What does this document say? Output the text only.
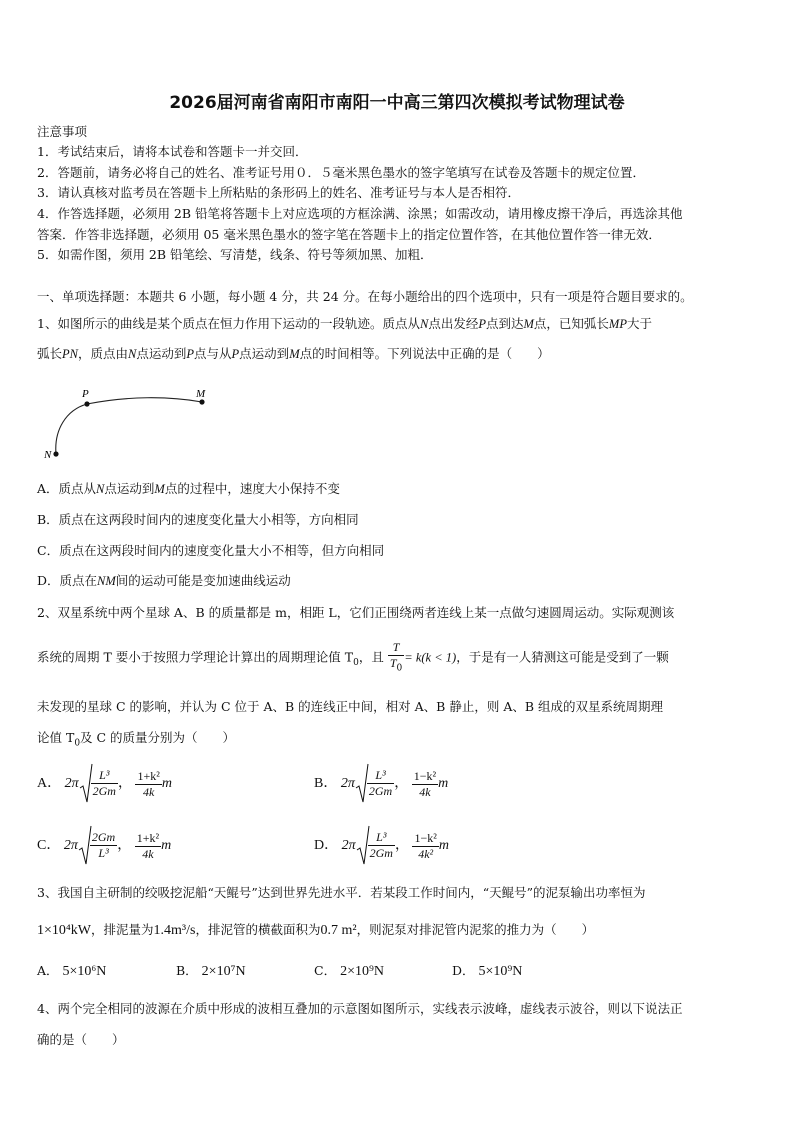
2026届河南省南阳市南阳一中高三第四次模拟考试物理试卷
注意事项
1．考试结束后，请将本试卷和答题卡一并交回．
2．答题前，请务必将自己的姓名、准考证号用０．５毫米黑色墨水的签字笔填写在试卷及答题卡的规定位置．
3．请认真核对监考员在答题卡上所粘贴的条形码上的姓名、准考证号与本人是否相符．
4．作答选择题，必须用 2B 铅笔将答题卡上对应选项的方框涂满、涂黑；如需改动，请用橡皮擦干净后，再选涂其他
答案．作答非选择题，必须用 05 毫米黑色墨水的签字笔在答题卡上的指定位置作答，在其他位置作答一律无效．
5．如需作图，须用 2B 铅笔绘、写清楚，线条、符号等须加黑、加粗．
一、单项选择题：本题共 6 小题，每小题 4 分，共 24 分。在每小题给出的四个选项中，只有一项是符合题目要求的。
1、如图所示的曲线是某个质点在恒力作用下运动的一段轨迹。质点从N点出发经P点到达M点，已知弧长MP大于
弧长PN，质点由N点运动到P点与从P点运动到M点的时间相等。下列说法中正确的是（　　）
P	M
N
A．质点从N点运动到M点的过程中，速度大小保持不变
B．质点在这两段时间内的速度变化量大小相等，方向相同
C．质点在这两段时间内的速度变化量大小不相等，但方向相同
D．质点在NM间的运动可能是变加速曲线运动
2、双星系统中两个星球 A、B 的质量都是 m，相距 L，它们正围绕两者连线上某一点做匀速圆周运动。实际观测该
系统的周期 T 要小于按照力学理论计算出的周期理论值 $T_0$，且 $\frac{T}{T_0} = k(k < 1)$，于是有一人猜测这可能是受到了一颗
未发现的星球 C 的影响，并认为 C 位于 A、B 的连线正中间，相对 A、B 静止，则 A、B 组成的双星系统周期理
论值 $T_0$及 C 的质量分别为（　　）
A． $2\pi \frac{\text{L³}}{2Gm}$ ， $\frac{\text{1+k²}}{4k}$ m	B． $2\pi \frac{\text{L³}}{2Gm}$ ， $\frac{\text{1−k²}}{4k}$ m
C． $2\pi \frac{2Gm}{\text{L³}}$ ， $\frac{\text{1+k²}}{4k}$ m	D． $2\pi \frac{\text{L³}}{2Gm}$ ， $\frac{\text{1−k²}}{\text{4k²}}$ m
3、我国自主研制的绞吸挖泥船“天鲲号”达到世界先进水平．若某段工作时间内，“天鲲号”的泥泵输出功率恒为
1×10⁴kW，排泥量为1.4m³/s，排泥管的横截面积为0.7 m²，则泥泵对排泥管内泥浆的推力为（　　）
A． 5×10⁶N	B． 2×10⁷N	C． 2×10⁹N	D． 5×10⁹N
4、两个完全相同的波源在介质中形成的波相互叠加的示意图如图所示，实线表示波峰，虚线表示波谷，则以下说法正
确的是（　　）
